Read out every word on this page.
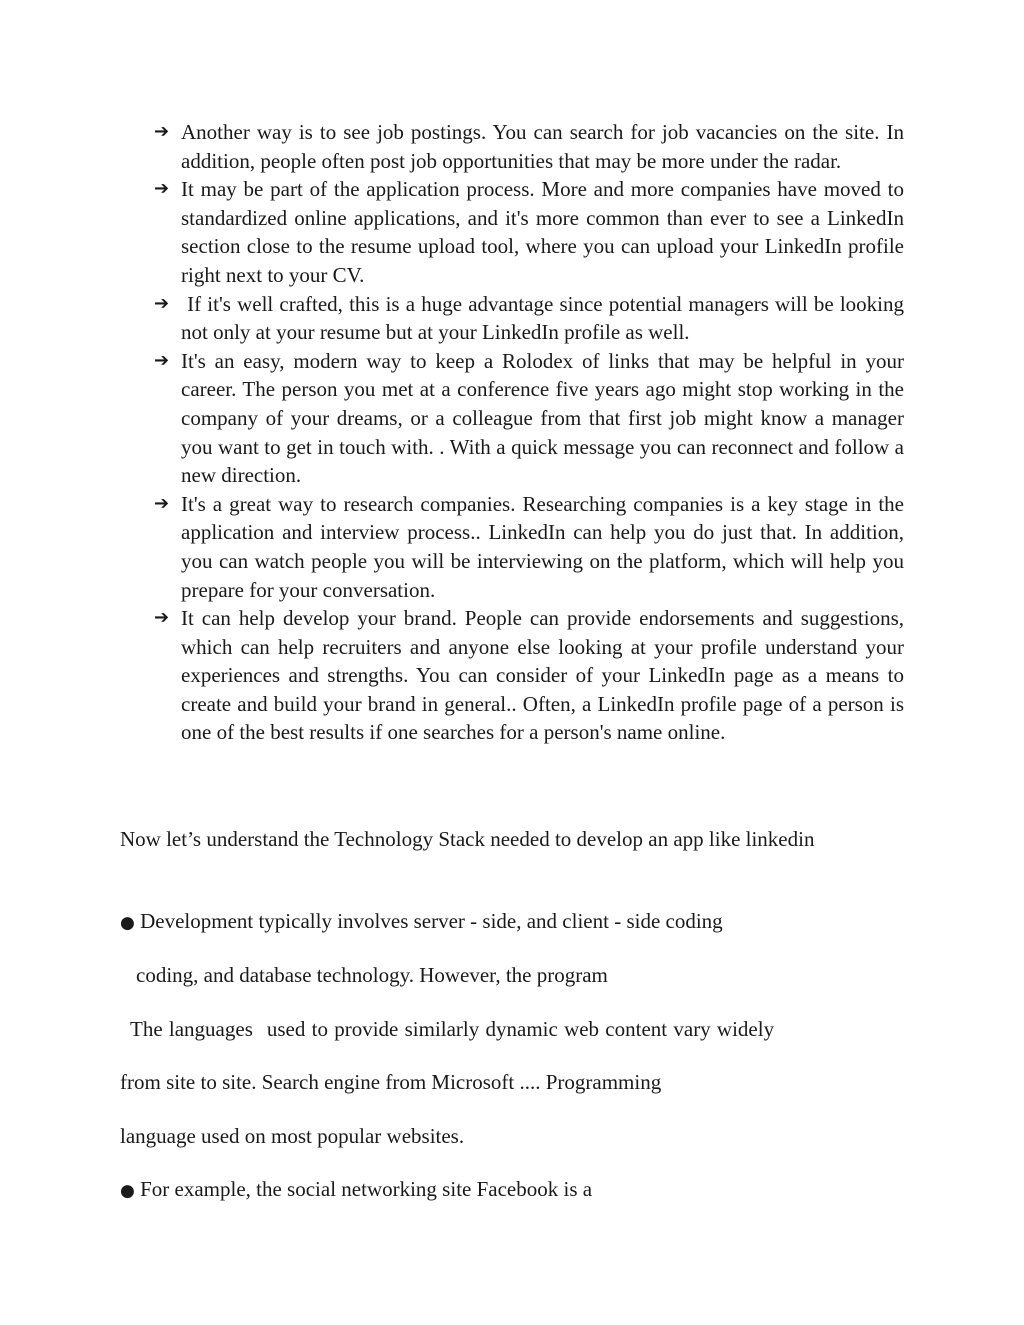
➔ Another way is to see job postings. You can search for job vacancies on the site. In addition, people often post job opportunities that may be more under the radar.
➔ It may be part of the application process. More and more companies have moved to standardized online applications, and it's more common than ever to see a LinkedIn section close to the resume upload tool, where you can upload your LinkedIn profile right next to your CV.
➔ If it's well crafted, this is a huge advantage since potential managers will be looking not only at your resume but at your LinkedIn profile as well.
➔ It's an easy, modern way to keep a Rolodex of links that may be helpful in your career. The person you met at a conference five years ago might stop working in the company of your dreams, or a colleague from that first job might know a manager you want to get in touch with. . With a quick message you can reconnect and follow a new direction.
➔ It's a great way to research companies. Researching companies is a key stage in the application and interview process.. LinkedIn can help you do just that. In addition, you can watch people you will be interviewing on the platform, which will help you prepare for your conversation.
➔ It can help develop your brand. People can provide endorsements and suggestions, which can help recruiters and anyone else looking at your profile understand your experiences and strengths. You can consider of your LinkedIn page as a means to create and build your brand in general.. Often, a LinkedIn profile page of a person is one of the best results if one searches for a person's name online.

Now let’s understand the Technology Stack needed to develop an app like linkedin

● Development typically involves server - side, and client - side coding

coding, and database technology. However, the program

The languages used to provide similarly dynamic web content vary widely

from site to site. Search engine from Microsoft .... Programming

language used on most popular websites.

● For example, the social networking site Facebook is a
